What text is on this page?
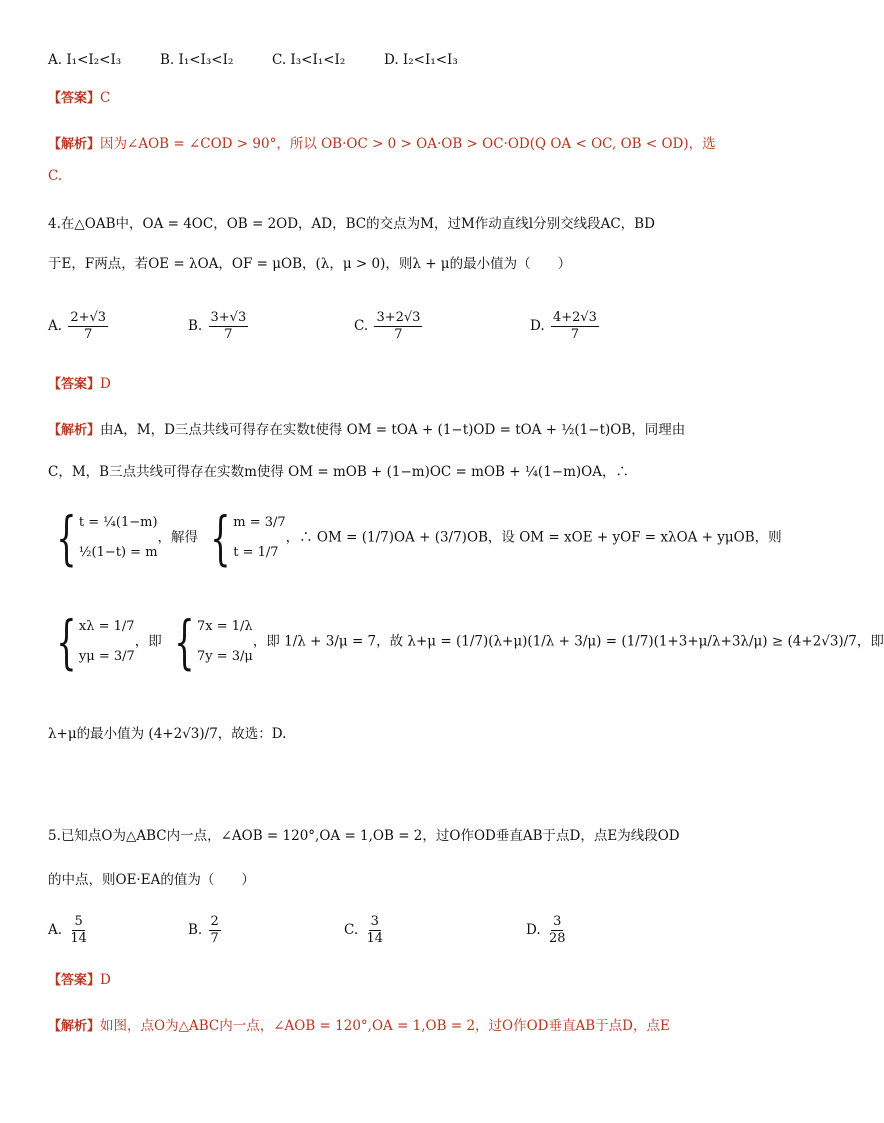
A. I₁<I₂<I₃	B. I₁<I₃<I₂	C. I₃<I₁<I₂	D. I₂<I₁<I₃
【答案】C
【解析】因为∠AOB = ∠COD > 90°，所以 OB·OC > 0 > OA·OB > OC·OD(Q OA < OC, OB < OD)，选
C.
4.在△OAB中，OA = 4OC，OB = 2OD，AD，BC的交点为M，过M作动直线l分别交线段AC，BD
于E，F两点，若OE = λOA，OF = μOB，(λ，μ > 0)，则λ + μ的最小值为（　　）
A. $\frac{2+√3}{7}$	B. $\frac{3+√3}{7}$	C. $\frac{3+2√3}{7}$	D. $\frac{4+2√3}{7}$
【答案】D
【解析】由A，M，D三点共线可得存在实数t使得 OM = tOA + (1−t)OD = tOA + ½(1−t)OB，同理由
C，M，B三点共线可得存在实数m使得 OM = mOB + (1−m)OC = mOB + ¼(1−m)OA，∴
{ t = ¼(1−m)
½(1−t) = m
，解得 { m = 3/7
t = 1/7
，∴ OM = (1/7)OA + (3/7)OB，设 OM = xOE + yOF = xλOA + yμOB，则
{ xλ = 1/7
yμ = 3/7
，即 { 7x = 1/λ
7y = 3/μ
，即 1/λ + 3/μ = 7，故 λ+μ = (1/7)(λ+μ)(1/λ + 3/μ) = (1/7)(1+3+μ/λ+3λ/μ) ≥ (4+2√3)/7，即
λ+μ的最小值为 (4+2√3)/7，故选：D.
5.已知点O为△ABC内一点，∠AOB = 120°,OA = 1,OB = 2，过O作OD垂直AB于点D，点E为线段OD
的中点，则OE·EA的值为（　　）
A. $\frac{5}{14}$	B. $\frac{2}{7}$	C. $\frac{3}{14}$	D. $\frac{3}{28}$
【答案】D
【解析】如图，点O为△ABC内一点，∠AOB = 120°,OA = 1,OB = 2，过O作OD垂直AB于点D，点E
